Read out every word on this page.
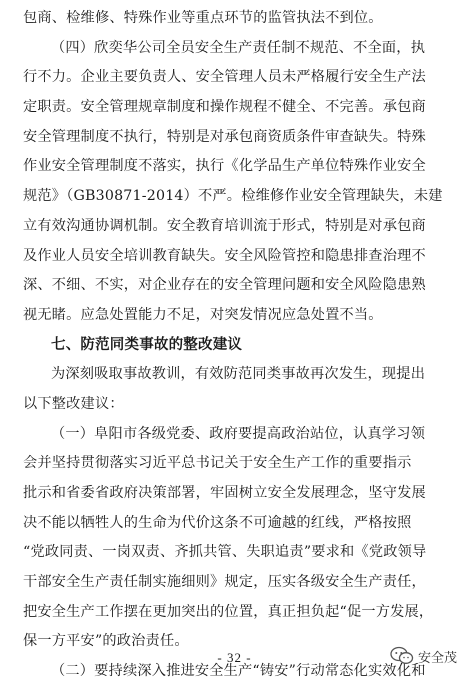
包商、检维修、特殊作业等重点环节的监管执法不到位。
（四）欣奕华公司全员安全生产责任制不规范、不全面，执
行不力。企业主要负责人、安全管理人员未严格履行安全生产法
定职责。安全管理规章制度和操作规程不健全、不完善。承包商
安全管理制度不执行，特别是对承包商资质条件审查缺失。特殊
作业安全管理制度不落实，执行《化学品生产单位特殊作业安全
规范》（GB30871-2014）不严。检维修作业安全管理缺失，未建
立有效沟通协调机制。安全教育培训流于形式，特别是对承包商
及作业人员安全培训教育缺失。安全风险管控和隐患排查治理不
深、不细、不实，对企业存在的安全管理问题和安全风险隐患熟
视无睹。应急处置能力不足，对突发情况应急处置不当。
七、防范同类事故的整改建议
为深刻吸取事故教训，有效防范同类事故再次发生，现提出
以下整改建议：
（一）阜阳市各级党委、政府要提高政治站位，认真学习领
会并坚持贯彻落实习近平总书记关于安全生产工作的重要指示
批示和省委省政府决策部署，牢固树立安全发展理念，坚守发展
决不能以牺牲人的生命为代价这条不可逾越的红线，严格按照
“党政同责、一岗双责、齐抓共管、失职追责”要求和《党政领导
干部安全生产责任制实施细则》规定，压实各级安全生产责任，
把安全生产工作摆在更加突出的位置，真正担负起“促一方发展，
保一方平安”的政治责任。
（二）要持续深入推进安全生产“铸安”行动常态化实效化和
- 32 -	安全茂
